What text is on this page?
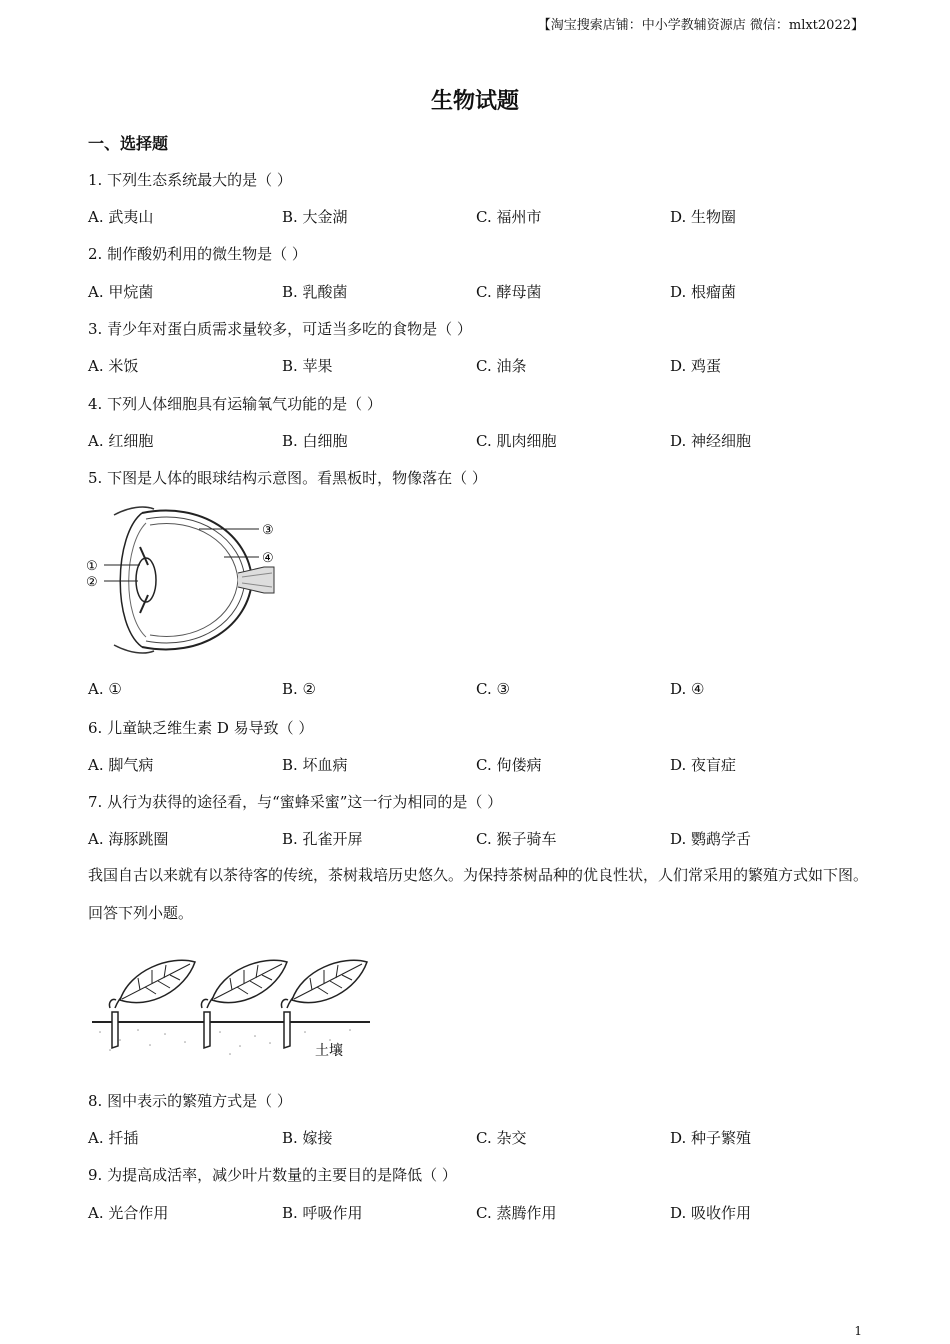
【淘宝搜索店铺：中小学教辅资源店 微信：mlxt2022】
生物试题
一、选择题
1. 下列生态系统最大的是（ ）
A. 武夷山	B. 大金湖	C. 福州市	D. 生物圈
2. 制作酸奶利用的微生物是（ ）
A. 甲烷菌	B. 乳酸菌	C. 酵母菌	D. 根瘤菌
3. 青少年对蛋白质需求量较多，可适当多吃的食物是（ ）
A. 米饭	B. 苹果	C. 油条	D. 鸡蛋
4. 下列人体细胞具有运输氧气功能的是（ ）
A. 红细胞	B. 白细胞	C. 肌肉细胞	D. 神经细胞
5. 下图是人体的眼球结构示意图。看黑板时，物像落在（ ）
③
④
①
②
A. ①	B. ②	C. ③	D. ④
6. 儿童缺乏维生素 D 易导致（ ）
A. 脚气病	B. 坏血病	C. 佝偻病	D. 夜盲症
7. 从行为获得的途径看，与“蜜蜂采蜜”这一行为相同的是（ ）
A. 海豚跳圈	B. 孔雀开屏	C. 猴子骑车	D. 鹦鹉学舌
我国自古以来就有以茶待客的传统，茶树栽培历史悠久。为保持茶树品种的优良性状，人们常采用的繁殖方式如下图。回答下列小题。
土壤
8. 图中表示的繁殖方式是（ ）
A. 扦插	B. 嫁接	C. 杂交	D. 种子繁殖
9. 为提高成活率，减少叶片数量的主要目的是降低（ ）
A. 光合作用	B. 呼吸作用	C. 蒸腾作用	D. 吸收作用
1
